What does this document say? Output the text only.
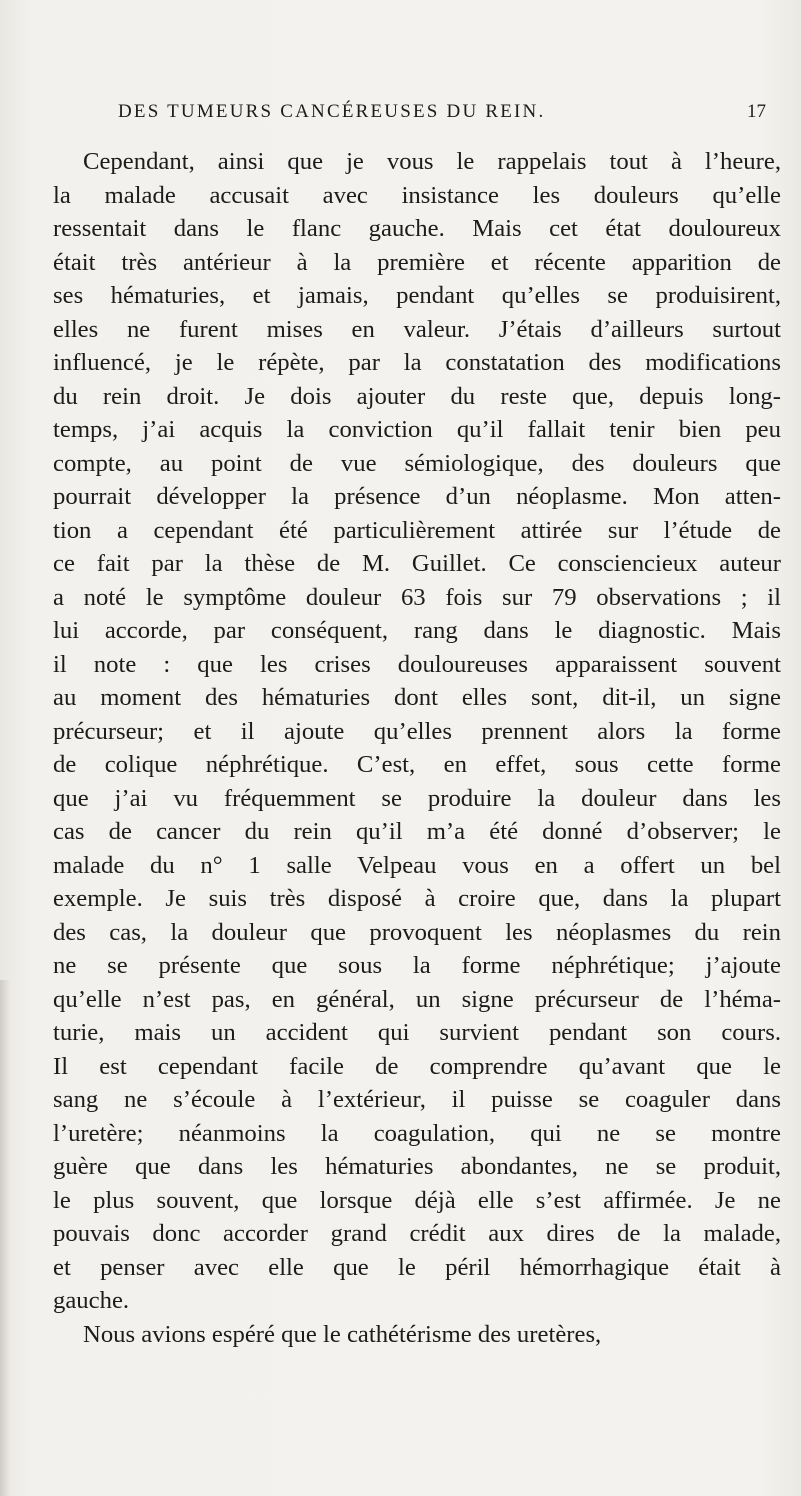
DES TUMEURS CANCÉREUSES DU REIN.	17
Cependant, ainsi que je vous le rappelais tout à l’heure,
la malade accusait avec insistance les douleurs qu’elle
ressentait dans le flanc gauche. Mais cet état douloureux
était très antérieur à la première et récente apparition de
ses hématuries, et jamais, pendant qu’elles se produisirent,
elles ne furent mises en valeur. J’étais d’ailleurs surtout
influencé, je le répète, par la constatation des modifications
du rein droit. Je dois ajouter du reste que, depuis long-
temps, j’ai acquis la conviction qu’il fallait tenir bien peu
compte, au point de vue sémiologique, des douleurs que
pourrait développer la présence d’un néoplasme. Mon atten-
tion a cependant été particulièrement attirée sur l’étude de
ce fait par la thèse de M. Guillet. Ce consciencieux auteur
a noté le symptôme douleur 63 fois sur 79 observations ; il
lui accorde, par conséquent, rang dans le diagnostic. Mais
il note : que les crises douloureuses apparaissent souvent
au moment des hématuries dont elles sont, dit-il, un signe
précurseur; et il ajoute qu’elles prennent alors la forme
de colique néphrétique. C’est, en effet, sous cette forme
que j’ai vu fréquemment se produire la douleur dans les
cas de cancer du rein qu’il m’a été donné d’observer; le
malade du n° 1 salle Velpeau vous en a offert un bel
exemple. Je suis très disposé à croire que, dans la plupart
des cas, la douleur que provoquent les néoplasmes du rein
ne se présente que sous la forme néphrétique; j’ajoute
qu’elle n’est pas, en général, un signe précurseur de l’héma-
turie, mais un accident qui survient pendant son cours.
Il est cependant facile de comprendre qu’avant que le
sang ne s’écoule à l’extérieur, il puisse se coaguler dans
l’uretère; néanmoins la coagulation, qui ne se montre
guère que dans les hématuries abondantes, ne se produit,
le plus souvent, que lorsque déjà elle s’est affirmée. Je ne
pouvais donc accorder grand crédit aux dires de la malade,
et penser avec elle que le péril hémorrhagique était à
gauche.
Nous avions espéré que le cathétérisme des uretères,
